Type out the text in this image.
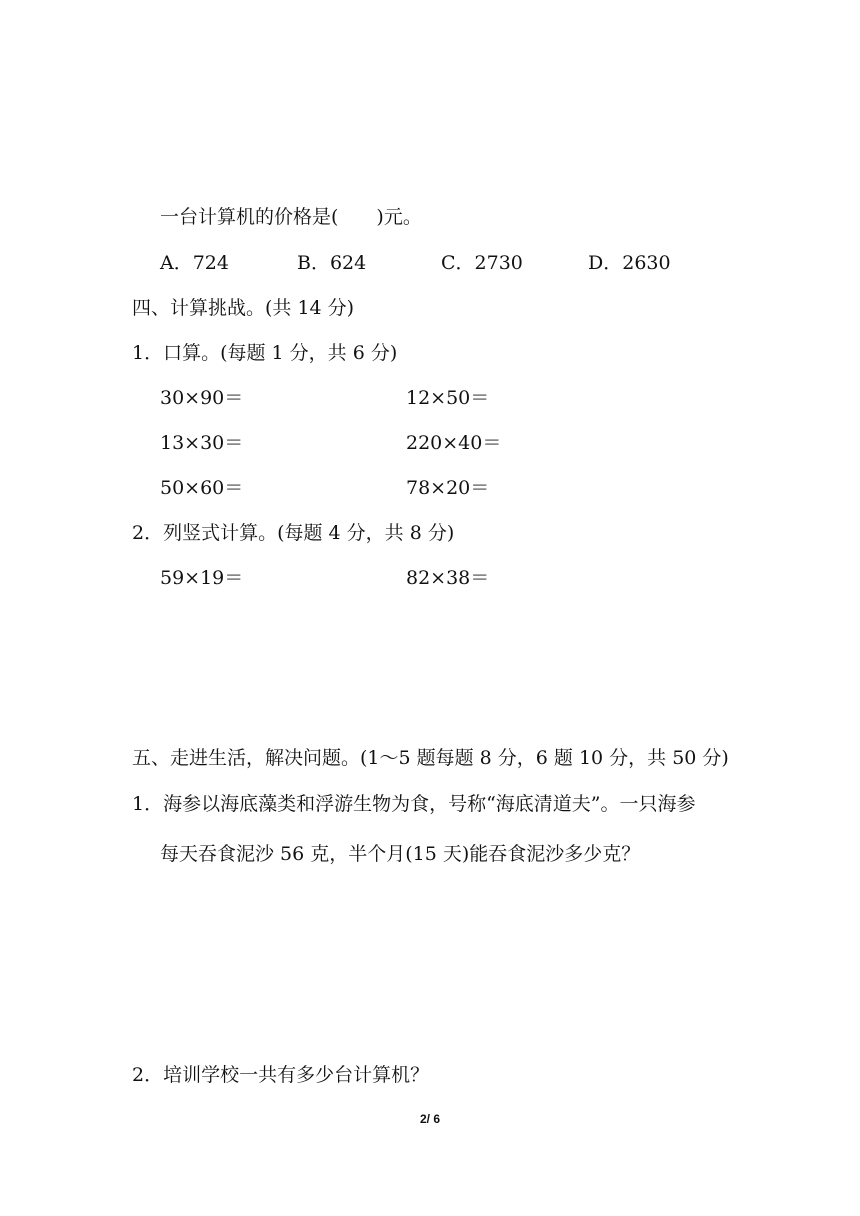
一台计算机的价格是(　　)元。
A．724	B．624	C．2730	D．2630
四、计算挑战。(共 14 分)
1．口算。(每题 1 分，共 6 分)
30×90＝	12×50＝
13×30＝	220×40＝
50×60＝	78×20＝
2．列竖式计算。(每题 4 分，共 8 分)
59×19＝	82×38＝
五、走进生活，解决问题。(1～5 题每题 8 分，6 题 10 分，共 50 分)
1．海参以海底藻类和浮游生物为食，号称“海底清道夫”。一只海参
每天吞食泥沙 56 克，半个月(15 天)能吞食泥沙多少克？
2．培训学校一共有多少台计算机？
2/ 6
